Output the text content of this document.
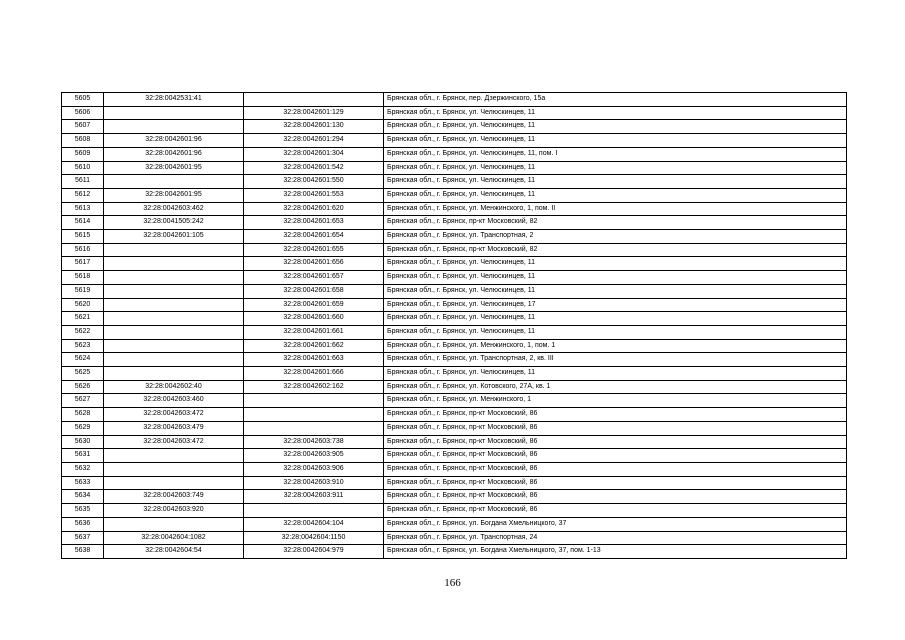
5605	32:28:0042531:41		Брянская обл., г. Брянск, пер. Дзержинского, 15а
5606		32:28:0042601:129	Брянская обл., г. Брянск, ул. Челюскинцев, 11
5607		32:28:0042601:130	Брянская обл., г. Брянск, ул. Челюскинцев, 11
5608	32:28:0042601:96	32:28:0042601:294	Брянская обл., г. Брянск, ул. Челюскинцев, 11
5609	32:28:0042601:96	32:28:0042601:304	Брянская обл., г. Брянск, ул. Челюскинцев, 11, пом. I
5610	32:28:0042601:95	32:28:0042601:542	Брянская обл., г. Брянск, ул. Челюскинцев, 11
5611		32:28:0042601:550	Брянская обл., г. Брянск, ул. Челюскинцев, 11
5612	32:28:0042601:95	32:28:0042601:553	Брянская обл., г. Брянск, ул. Челюскинцев, 11
5613	32:28:0042603:462	32:28:0042601:620	Брянская обл., г. Брянск, ул. Менжинского, 1, пом. II
5614	32:28:0041505:242	32:28:0042601:653	Брянская обл., г. Брянск, пр-кт Московский, 82
5615	32:28:0042601:105	32:28:0042601:654	Брянская обл., г. Брянск, ул. Транспортная, 2
5616		32:28:0042601:655	Брянская обл., г. Брянск, пр-кт Московский, 82
5617		32:28:0042601:656	Брянская обл., г. Брянск, ул. Челюскинцев, 11
5618		32:28:0042601:657	Брянская обл., г. Брянск, ул. Челюскинцев, 11
5619		32:28:0042601:658	Брянская обл., г. Брянск, ул. Челюскинцев, 11
5620		32:28:0042601:659	Брянская обл., г. Брянск, ул. Челюскинцев, 17
5621		32:28:0042601:660	Брянская обл., г. Брянск, ул. Челюскинцев, 11
5622		32:28:0042601:661	Брянская обл., г. Брянск, ул. Челюскинцев, 11
5623		32:28:0042601:662	Брянская обл., г. Брянск, ул. Менжинского, 1, пом. 1
5624		32:28:0042601:663	Брянская обл., г. Брянск, ул. Транспортная, 2, кв. III
5625		32:28:0042601:666	Брянская обл., г. Брянск, ул. Челюскинцев, 11
5626	32:28:0042602:40	32:28:0042602:162	Брянская обл., г. Брянск, ул. Котовского, 27А, кв. 1
5627	32:28:0042603:460		Брянская обл., г. Брянск, ул. Менжинского, 1
5628	32:28:0042603:472		Брянская обл., г. Брянск, пр-кт Московский, 86
5629	32:28:0042603:479		Брянская обл., г. Брянск, пр-кт Московский, 86
5630	32:28:0042603:472	32:28:0042603:738	Брянская обл., г. Брянск, пр-кт Московский, 86
5631		32:28:0042603:905	Брянская обл., г. Брянск, пр-кт Московский, 86
5632		32:28:0042603:906	Брянская обл., г. Брянск, пр-кт Московский, 86
5633		32:28:0042603:910	Брянская обл., г. Брянск, пр-кт Московский, 86
5634	32:28:0042603:749	32:28:0042603:911	Брянская обл., г. Брянск, пр-кт Московский, 86
5635	32:28:0042603:920		Брянская обл., г. Брянск, пр-кт Московский, 86
5636		32:28:0042604:104	Брянская обл., г. Брянск, ул. Богдана Хмельницкого, 37
5637	32:28:0042604:1082	32:28:0042604:1150	Брянская обл., г. Брянск, ул. Транспортная, 24
5638	32:28:0042604:54	32:28:0042604:979	Брянская обл., г. Брянск, ул. Богдана Хмельницкого, 37, пом. 1-13
166
